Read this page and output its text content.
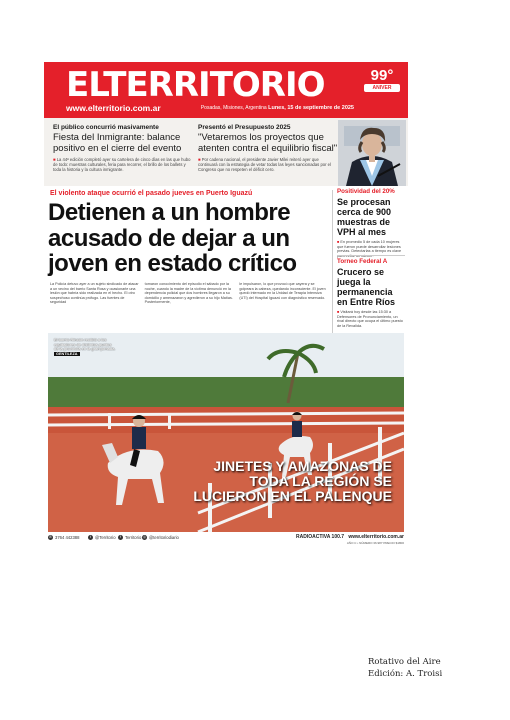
ELTERRITORIO
www.elterritorio.com.ar	Posadas, Misiones, Argentina Lunes, 15 de septiembre de 2025
99°
ANIVER
El público concurrió masivamente
Fiesta del Inmigrante: balance positivo en el cierre del evento
■ La 44ª edición completó ayer su cartelera de cinco días en las que hubo de todo: muestras culturales, feria para recorrer, el brillo de los ballets y toda la historia y la cultura inmigrante.
Presentó el Presupuesto 2025
"Vetaremos los proyectos que atenten contra el equilibrio fiscal"
■ Por cadena nacional, el presidente Javier Milei reiteró ayer que continuará con la estrategia de vetar todas las leyes sancionadas por el Congreso que no respeten el déficit cero.
El violento ataque ocurrió el pasado jueves en Puerto Iguazú
Detienen a un hombre acusado de dejar a un joven en estado crítico
La Policía detuvo ayer a un sujeto sindicado de atacar a un vecino del barrio Santa Rosa y ocasionarle una lesión que habría sido realizada en el hecho. El otro sospechoso continúa prófugo. Las fuentes de seguridad
tomaron conocimiento del episodio el sábado por la noche, cuando la madre de la víctima denunció en la dependencia policial que dos hombres llegaron a su domicilio y amenazaron y agredieron a su hijo Matías. Posteriormente,
le impulsaron, lo que provocó que cayera y se golpeara la cabeza, quedando inconsciente. El joven quedó internado en la Unidad de Terapia Intensiva (UTI) del Hospital Iguazú con diagnóstico reservado.
Positividad del 20%
Se procesan cerca de 900 muestras de VPH al mes
■ En promedio 5 de cada 10 mujeres que fueron puede desarrollar lesiones previas. Detectarlas a tiempo es clave
Torneo Federal A
Crucero se juega la permanencia en Entre Ríos
■ Visitará hoy desde las 15:30 a Defensores de Pronunciamiento, un rival directo que ocupa el último puesto de la Revalida.
El barrio Rincón recibió a los equitadores de distintos puntos de la provincia en la gran jornada. GENTILEZA
JINETES Y AMAZONAS DE TODA LA REGIÓN SE LUCIERON EN EL PALENQUE
✆ 3764 442388	t @Territorio	f Territorio ◎ @territoriodiario	RADIOACTIVA 100.7 www.elterritorio.com.ar
AÑO C • NÚMERO 36.987 PRECIO $1800
Rotativo del Aire
Edición: A. Troisi
